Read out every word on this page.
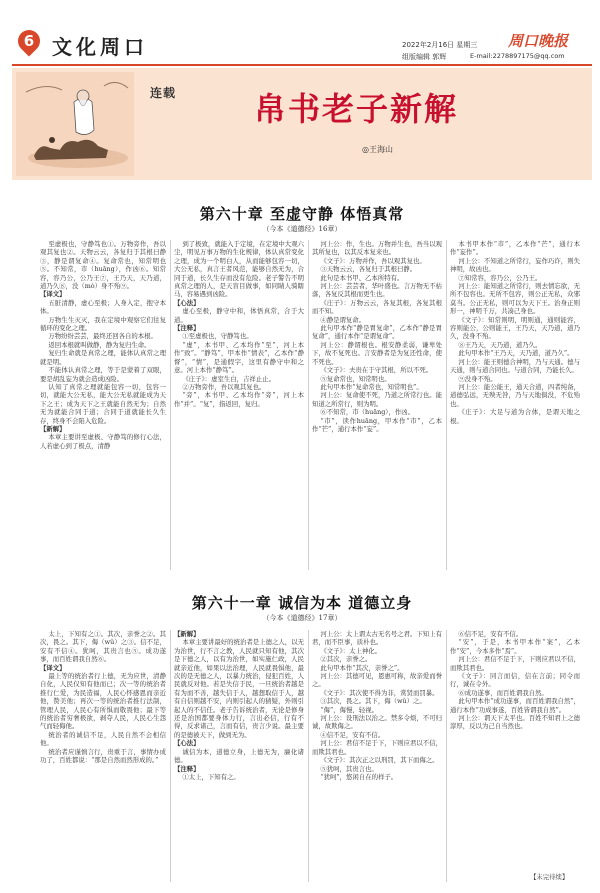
6 文化周口	2022年2月16日 星期三
组版编辑 郭辉
周口晚报
E-mail:2278897175@qq.com
连载 帛书老子新解
◎王海山
第六十章 至虚守静 体悟真常
（今本《道德经》16章）

至虚极也，守静笃也①。万物旁作，吾以观其复也②。天物云云，各复归于其根曰静③，静是谓复命④。复命常也，知常明也⑤。不知常，巿（huāng），作凶⑥。知常容，容乃公，公乃王⑦，王乃天，天乃道，道乃久⑧，没（mò）身不殆⑨。

【译文】

五脏清静，虚心至极；人身入定，抱守本体。

万物生生灭灭，我在定境中观察它们往复循环的变化之理。

万物纷纷芸芸，最终还回各自的本根。

返回本根就叫做静，静为复归生命。

复归生命就是真常之理，能体认真常之理就是明。

不能体认真常之理，等于是蒙着了双眼，要是胡乱妄为就会造成凶险。

认知了真常之理就能包容一切，包容一切，就能大公无私，能大公无私就能成为天下之王；成为天下之王就能自然无为；自然无为就能合同于道；合同于道就能长久生存，终身不会陷入危险。

【新解】

本章主要讲至虚极、守静笃的修行心法，人若虚心到了极点，清静

到了极致，就能入于定境，在定境中大观六尘，明见万事万物的生化规律，体认真常变化之理，成为一个明白人，从而能够包容一切，大公无私，真言王者风范，能够自然无为，合同于道，长久生存而没有危险。老子警告不明真常之理的人，是天盲目做事，如同睛人骑瞎马，容易遇到凶险。

【心法】

虚心至极，静守中和，体悟真常，合于大道。

【注释】

①至虚极也，守静笃也。

“虚”，本书甲、乙本均作“至”，河上本作“致”。“静笃”，甲本作“情表”，乙本作“静督”，“情”，是通假字，这里有静守中和之意。河上本作“静笃”。

《庄子》：虚室生白，吉祥止止。

②万物旁作，吾以观其复也。

“旁”，本书甲、乙本均作“旁”，河上本作“并”。“复”，指返回，复归。

河上公：作，生也。万物并生也，吾当以观其所复也，以其反本复来也。

《文子》：万物并作，吾以观其复也。

③天物云云，各复归于其根曰静。

此句是本书甲、乙本所特有。

河上公：芸芸者，华叶盛也。言万物无不枯落，各复反其根而更生也。

《庄子》：万物云云，各复其根，各复其根而不知。

④静是谓复命。

此句甲本作“静是胃复命”，乙本作“静是胃复命”，通行本作“是谓复命”。

河上公：静谓根也。根安静柔弱，谦卑处下，故不复死也。言安静者是为复还性命，使不死也。

《文子》：夫贵在于守其根，所以不死。

⑤复命常也，知常明也。

此句甲本作“复命常也，知常明也”。

河上公：复命使不死，乃道之所常行也。能知道之所常行，则为明。

⑥不知常，巿（huāng），作凶。

“巿”，读作huāng，甲本作“巿”，乙本作“芒”，通行本作“妄”。

本书甲本作“巿”，乙本作“芒”，通行本作“妄作”。

河上公：不知道之所常行，妄作巧诈，则失神明，故凶也。

⑦知常容，容乃公，公乃王。

河上公：能知道之所常行，则去情忘欲，无所不包容也。无所不包容，则公正无私，众邪莫当。公正无私，则可以为天下王。治身正则形一，神明千万，共凑己身也。

《文子》：知常则明，明则通，通则能容，容则能公，公则能王，王乃天，天乃道，道乃久，没身不殆。

⑧王乃天，天乃道，道乃久。

此句甲本作“王乃天，天乃道，道乃久”。

河上公：能王则德合神明，乃与天通。德与天通，则与道合同也。与道合同，乃能长久。

⑨没身不殆。

河上公：能公能王，通天合道，四者纯备，道德弘远，无殃无咎，乃与天地俱没，不危殆也。

《庄子》：大足与道为合体，是谓天地之根。

第六十一章 诚信为本 道德立身
（今本《道德经》17章）

太上，下知有之①。其次，亲誉之②。其次，畏之。其下，侮（wǔ）之③。信不足，安有不信④。犹呵，其贵言也⑤。成功遂事，而百姓谓我自然⑥。

【译文】

最上等的统治者行上德，无为应世，清静自化，人民仅知有他而已；次一等的统治者推行仁爱，为民造福，人民心怀感恩而亲近他，赞美他；再次一等的统治者推行法制，管理人民，人民心有所惧而敬畏他；最下等的统治者穷奢极欲，剥夺人民，人民心生怨气而轻侮他。

统治者的诚信不足，人民自然不会相信他。

统治者应谨慎言行，贵重于言，事情办成功了，百姓都说：“那是自然而然形成的。”

【新解】

本章主要讲最好的统治者是上德之人，以无为治世，行不言之教，人民就只知有他，其次是下德之人，以有为治世，如实施仁政，人民就亲近他，如果以法治理，人民就畏惧他，最次的是无德之人，以暴力统治，侵犯百姓，人民就反对他。若是失信于民，一旦统治者越是有为而不善，越失信于人，越想取信于人，越有自信则越不安，内则引起人的猜疑，外则引起人的不信任。老子告诉统治者，无论是修身还是治国都要身体力行，言出必信，行有不得，反求诸己，言而有信，贵言少说。最主要的是德被天下，做到无为。

【心法】

诚信为本，道德立身，上德无为，廉化诸德。

【注释】

①太上，下知有之。

河上公：太上谓太古无名号之君。下知上有君，而不臣事，质朴也。

《文子》：太上神化。

②其次，亲誉之。

此句甲本作“其次，亲誉之”。

河上公：其德可见，恩惠可称，故亲爱而誉之。

《文子》：其次使不得为非，赏贤而罚暴。

③其次，畏之。其下，侮（wǔ）之。

“侮”，侮慢，轻视。

河上公：设刑法以治之。禁多令烦，不可归诚，故欺侮之。

④信不足，安有不信。

河上公：君信不足于下，下则应君以不信，而欺其君也。

《文子》：其次正之以刑罚，其下而侮之。

⑤犹呵，其贵言也。

“犹呵”，悠闲自在的样子。

⑥信不足，安有不信。

“安”，于是，本书甲本作“案”，乙本作“安”，今本多作“焉”。

河上公：君信不足于下，下则应君以不信，而欺其君也。

《文子》：同言而信，信在言前；同令而行，诚在令外。

⑥成功遂事，而百姓谓我自然。

此句甲本作“成功遂事，而百姓谓我自然”，通行本作“功成事遂，百姓皆谓我自然”。

河上公：谓天下太平也。百姓不知君上之德淳厚，反以为己自当然也。

【未完待续】
